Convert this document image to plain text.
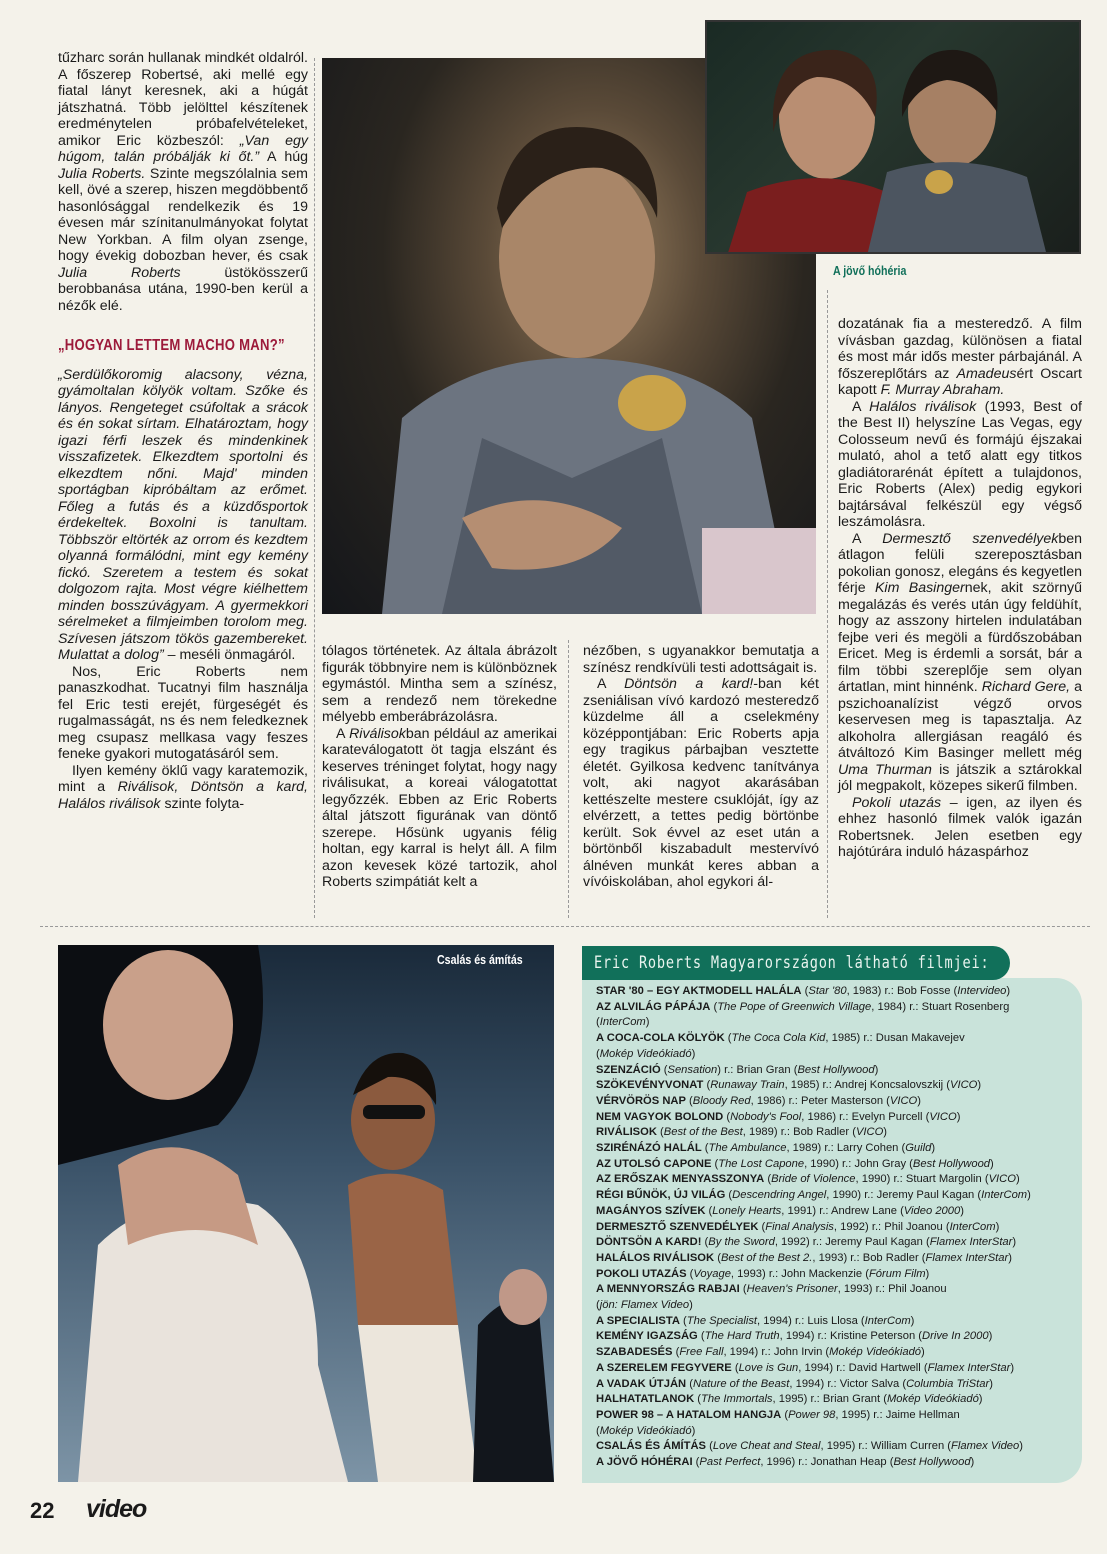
tűzharc során hullanak mindkét oldalról. A főszerep Robertsé, aki mellé egy fiatal lányt keresnek, aki a húgát játszhatná. Több jelölttel készítenek eredménytelen próbafelvételeket, amikor Eric közbeszól: „Van egy húgom, talán próbálják ki őt.” A húg Julia Roberts. Szinte megszólalnia sem kell, övé a szerep, hiszen megdöbbentő hasonlósággal rendelkezik és 19 évesen már színitanulmányokat folytat New Yorkban. A film olyan zsenge, hogy évekig dobozban hever, és csak Julia Roberts üstökösszerű berobbanása utána, 1990-ben kerül a nézők elé.

„HOGYAN LETTEM MACHO MAN?”

„Serdülőkoromig alacsony, vézna, gyámoltalan kölyök voltam. Szőke és lányos. Rengeteget csúfoltak a srácok és én sokat sírtam. Elhatároztam, hogy igazi férfi leszek és mindenkinek visszafizetek. Elkezdtem sportolni és elkezdtem nőni. Majd' minden sportágban kipróbáltam az erőmet. Főleg a futás és a küzdősportok érdekeltek. Boxolni is tanultam. Többször eltörték az orrom és kezdtem olyanná formálódni, mint egy kemény fickó. Szeretem a testem és sokat dolgozom rajta. Most végre kiélhettem minden bosszúvágyam. A gyermekkori sérelmeket a filmjeimben torolom meg. Szívesen játszom tökös gazembereket. Mulattat a dolog” – meséli önmagáról.

Nos, Eric Roberts nem panaszkodhat. Tucatnyi film használja fel Eric testi erejét, fürgeségét és rugalmasságát, ns és nem feledkeznek meg csupasz mellkasa vagy feszes feneke gyakori mutogatásáról sem.

Ilyen kemény öklű vagy karatemozik, mint a Riválisok, Döntsön a kard, Halálos riválisok szinte folyta-

A jövő hóhéria

tólagos történetek. Az általa ábrázolt figurák többnyire nem is különböznek egymástól. Mintha sem a színész, sem a rendező nem törekedne mélyebb emberábrázolásra.

A Riválisokban például az amerikai karateválogatott öt tagja elszánt és keserves tréninget folytat, hogy nagy riválisukat, a koreai válogatottat legyőzzék. Ebben az Eric Roberts által játszott figurának van döntő szerepe. Hősünk ugyanis félig holtan, egy karral is helyt áll. A film azon kevesek közé tartozik, ahol Roberts szimpátiát kelt a

nézőben, s ugyanakkor bemutatja a színész rendkívüli testi adottságait is.

A Döntsön a kard!-ban két zseniálisan vívó kardozó mesteredző küzdelme áll a cselekmény középpontjában: Eric Roberts apja egy tragikus párbajban vesztette életét. Gyilkosa kedvenc tanítványa volt, aki nagyot akarásában kettészelte mestere csuklóját, így az elvérzett, a tettes pedig börtönbe került. Sok évvel az eset után a börtönből kiszabadult mestervívó álnéven munkát keres abban a vívóiskolában, ahol egykori ál-

dozatának fia a mesteredző. A film vívásban gazdag, különösen a fiatal és most már idős mester párbajánál. A főszereplőtárs az Amadeusért Oscart kapott F. Murray Abraham.

A Halálos riválisok (1993, Best of the Best II) helyszíne Las Vegas, egy Colosseum nevű és formájú éjszakai mulató, ahol a tető alatt egy titkos gladiátorarénát épített a tulajdonos, Eric Roberts (Alex) pedig egykori bajtársával felkészül egy végső leszámolásra.

A Dermesztő szenvedélyekben átlagon felüli szereposztásban pokolian gonosz, elegáns és kegyetlen férje Kim Basingernek, akit szörnyű megalázás és verés után úgy feldühít, hogy az asszony hirtelen indulatában fejbe veri és megöli a fürdőszobában Ericet. Meg is érdemli a sorsát, bár a film többi szereplője sem olyan ártatlan, mint hinnénk. Richard Gere, a pszichoanalízist végző orvos keservesen meg is tapasztalja. Az alkoholra allergiásan reagáló és átváltozó Kim Basinger mellett még Uma Thurman is játszik a sztárokkal jól megpakolt, közepes sikerű filmben.

Pokoli utazás – igen, az ilyen és ehhez hasonló filmek valók igazán Robertsnek. Jelen esetben egy hajótúrára induló házaspárhoz

Csalás és ámítás	Eric Roberts Magyarországon látható filmjei:
STAR '80 – EGY AKTMODELL HALÁLA (Star '80, 1983) r.: Bob Fosse (Intervideo)
AZ ALVILÁG PÁPÁJA (The Pope of Greenwich Village, 1984) r.: Stuart Rosenberg
(InterCom)
A COCA-COLA KÖLYÖK (The Coca Cola Kid, 1985) r.: Dusan Makavejev
(Mokép Videókiadó)
SZENZÁCIÓ (Sensation) r.: Brian Gran (Best Hollywood)
SZÖKEVÉNYVONAT (Runaway Train, 1985) r.: Andrej Koncsalovszkij (VICO)
VÉRVÖRÖS NAP (Bloody Red, 1986) r.: Peter Masterson (VICO)
NEM VAGYOK BOLOND (Nobody's Fool, 1986) r.: Evelyn Purcell (VICO)
RIVÁLISOK (Best of the Best, 1989) r.: Bob Radler (VICO)
SZIRÉNÁZÓ HALÁL (The Ambulance, 1989) r.: Larry Cohen (Guild)
AZ UTOLSÓ CAPONE (The Lost Capone, 1990) r.: John Gray (Best Hollywood)
AZ ERŐSZAK MENYASSZONYA (Bride of Violence, 1990) r.: Stuart Margolin (VICO)
RÉGI BŰNÖK, ÚJ VILÁG (Descendring Angel, 1990) r.: Jeremy Paul Kagan (InterCom)
MAGÁNYOS SZÍVEK (Lonely Hearts, 1991) r.: Andrew Lane (Video 2000)
DERMESZTŐ SZENVEDÉLYEK (Final Analysis, 1992) r.: Phil Joanou (InterCom)
DÖNTSÖN A KARD! (By the Sword, 1992) r.: Jeremy Paul Kagan (Flamex InterStar)
HALÁLOS RIVÁLISOK (Best of the Best 2., 1993) r.: Bob Radler (Flamex InterStar)
POKOLI UTAZÁS (Voyage, 1993) r.: John Mackenzie (Fórum Film)
A MENNYORSZÁG RABJAI (Heaven's Prisoner, 1993) r.: Phil Joanou
(jön: Flamex Video)
A SPECIALISTA (The Specialist, 1994) r.: Luis Llosa (InterCom)
KEMÉNY IGAZSÁG (The Hard Truth, 1994) r.: Kristine Peterson (Drive In 2000)
SZABADESÉS (Free Fall, 1994) r.: John Irvin (Mokép Videókiadó)
A SZERELEM FEGYVERE (Love is Gun, 1994) r.: David Hartwell (Flamex InterStar)
A VADAK ÚTJÁN (Nature of the Beast, 1994) r.: Victor Salva (Columbia TriStar)
HALHATATLANOK (The Immortals, 1995) r.: Brian Grant (Mokép Videókiadó)
POWER 98 – A HATALOM HANGJA (Power 98, 1995) r.: Jaime Hellman
(Mokép Videókiadó)
CSALÁS ÉS ÁMÍTÁS (Love Cheat and Steal, 1995) r.: William Curren (Flamex Video)
A JÖVŐ HÓHÉRAI (Past Perfect, 1996) r.: Jonathan Heap (Best Hollywood)
22 video
